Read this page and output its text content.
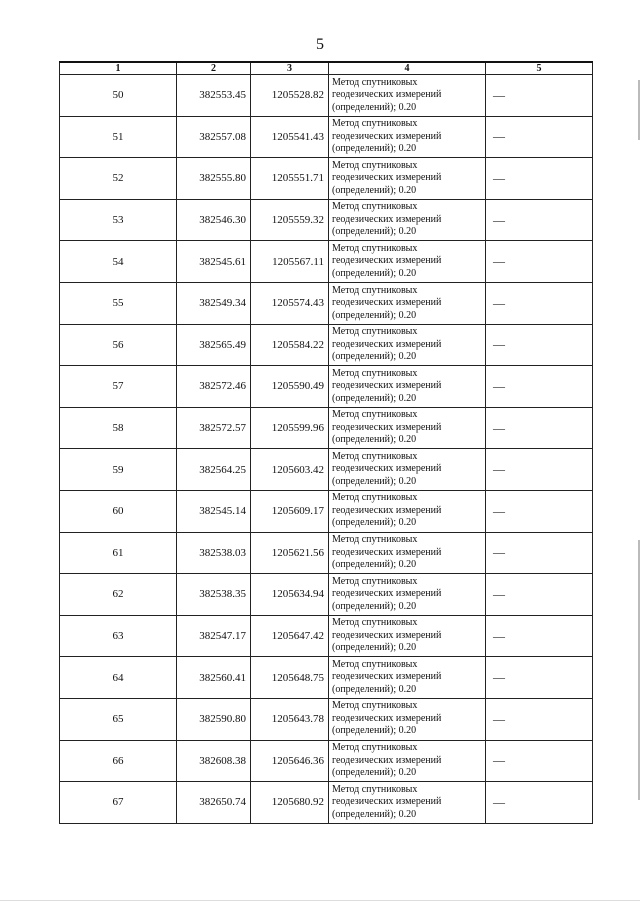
5
1	2	3	4	5
50	382553.45	1205528.82	Метод спутниковых
геодезических измерений
(определений); 0.20	—
51	382557.08	1205541.43	Метод спутниковых
геодезических измерений
(определений); 0.20	—
52	382555.80	1205551.71	Метод спутниковых
геодезических измерений
(определений); 0.20	—
53	382546.30	1205559.32	Метод спутниковых
геодезических измерений
(определений); 0.20	—
54	382545.61	1205567.11	Метод спутниковых
геодезических измерений
(определений); 0.20	—
55	382549.34	1205574.43	Метод спутниковых
геодезических измерений
(определений); 0.20	—
56	382565.49	1205584.22	Метод спутниковых
геодезических измерений
(определений); 0.20	—
57	382572.46	1205590.49	Метод спутниковых
геодезических измерений
(определений); 0.20	—
58	382572.57	1205599.96	Метод спутниковых
геодезических измерений
(определений); 0.20	—
59	382564.25	1205603.42	Метод спутниковых
геодезических измерений
(определений); 0.20	—
60	382545.14	1205609.17	Метод спутниковых
геодезических измерений
(определений); 0.20	—
61	382538.03	1205621.56	Метод спутниковых
геодезических измерений
(определений); 0.20	—
62	382538.35	1205634.94	Метод спутниковых
геодезических измерений
(определений); 0.20	—
63	382547.17	1205647.42	Метод спутниковых
геодезических измерений
(определений); 0.20	—
64	382560.41	1205648.75	Метод спутниковых
геодезических измерений
(определений); 0.20	—
65	382590.80	1205643.78	Метод спутниковых
геодезических измерений
(определений); 0.20	—
66	382608.38	1205646.36	Метод спутниковых
геодезических измерений
(определений); 0.20	—
67	382650.74	1205680.92	Метод спутниковых
геодезических измерений
(определений); 0.20	—
